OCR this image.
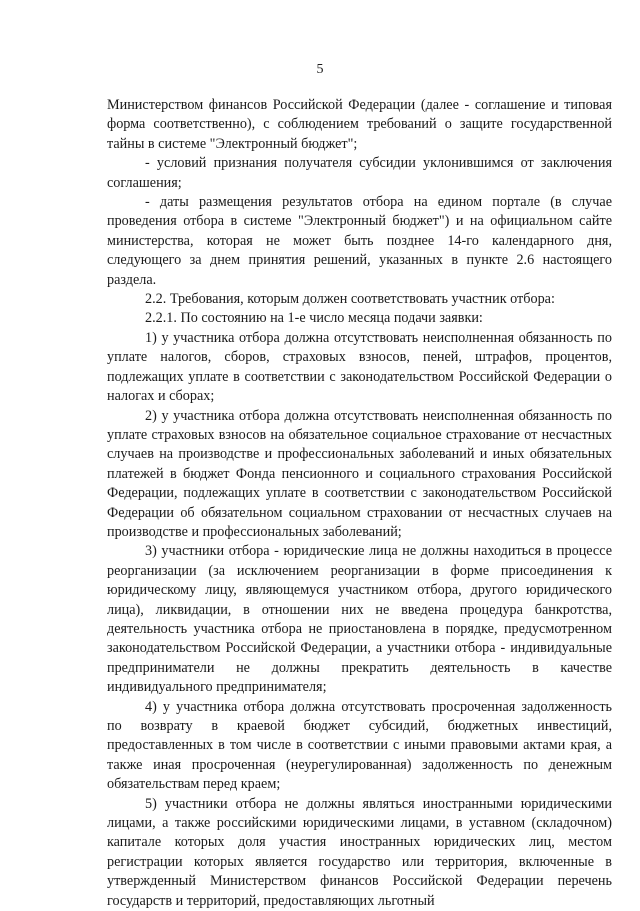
5

Министерством финансов Российской Федерации (далее - соглашение и типовая форма соответственно), с соблюдением требований о защите государственной тайны в системе "Электронный бюджет";

- условий признания получателя субсидии уклонившимся от заключения соглашения;

- даты размещения результатов отбора на едином портале (в случае проведения отбора в системе "Электронный бюджет") и на официальном сайте министерства, которая не может быть позднее 14-го календарного дня, следующего за днем принятия решений, указанных в пункте 2.6 настоящего раздела.

2.2. Требования, которым должен соответствовать участник отбора:

2.2.1. По состоянию на 1-е число месяца подачи заявки:

1) у участника отбора должна отсутствовать неисполненная обязанность по уплате налогов, сборов, страховых взносов, пеней, штрафов, процентов, подлежащих уплате в соответствии с законодательством Российской Федерации о налогах и сборах;

2) у участника отбора должна отсутствовать неисполненная обязанность по уплате страховых взносов на обязательное социальное страхование от несчастных случаев на производстве и профессиональных заболеваний и иных обязательных платежей в бюджет Фонда пенсионного и социального страхования Российской Федерации, подлежащих уплате в соответствии с законодательством Российской Федерации об обязательном социальном страховании от несчастных случаев на производстве и профессиональных заболеваний;

3) участники отбора - юридические лица не должны находиться в процессе реорганизации (за исключением реорганизации в форме присоединения к юридическому лицу, являющемуся участником отбора, другого юридического лица), ликвидации, в отношении них не введена процедура банкротства, деятельность участника отбора не приостановлена в порядке, предусмотренном законодательством Российской Федерации, а участники отбора - индивидуальные предприниматели не должны прекратить деятельность в качестве индивидуального предпринимателя;

4) у участника отбора должна отсутствовать просроченная задолженность по возврату в краевой бюджет субсидий, бюджетных инвестиций, предоставленных в том числе в соответствии с иными правовыми актами края, а также иная просроченная (неурегулированная) задолженность по денежным обязательствам перед краем;

5) участники отбора не должны являться иностранными юридическими лицами, а также российскими юридическими лицами, в уставном (складочном) капитале которых доля участия иностранных юридических лиц, местом регистрации которых является государство или территория, включенные в утвержденный Министерством финансов Российской Федерации перечень государств и территорий, предоставляющих льготный
